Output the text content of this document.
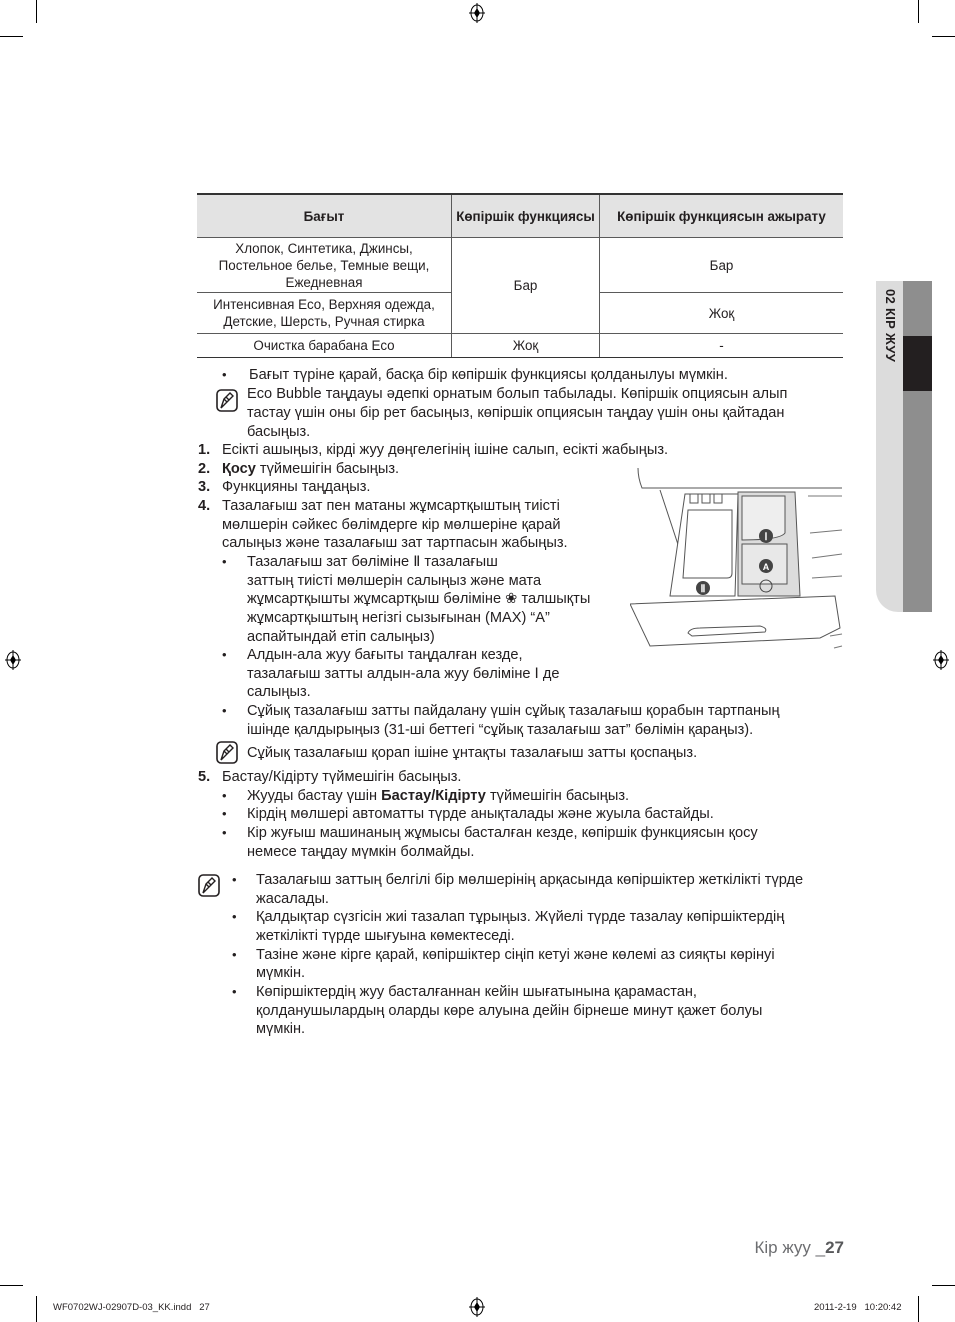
Бағыт	Көпіршік функциясы	Көпіршік функциясын ажырату
Хлопок, Синтетика, Джинсы, Постельное белье, Темные вещи, Ежедневная	Бар	Бар
Интенсивная Eco, Верхняя одежда, Детские, Шерсть, Ручная стирка		Жоқ
Очистка барабана Eco	Жоқ	-
• Бағыт түріне қарай, басқа бір көпіршік функциясы қолданылуы мүмкін.
Eco Bubble таңдауы әдепкі орнатым болып табылады. Көпіршік опциясын алып
тастау үшін оны бір рет басыңыз, көпіршік опциясын таңдау үшін оны қайтадан
басыңыз.
1. Есікті ашыңыз, кірді жуу дөңгелегінің ішіне салып, есікті жабыңыз.
2. Қосу түймешігін басыңыз.
3. Функцияны таңдаңыз.
4. Тазалағыш зат пен матаны жұмсартқыштың тиісті
мөлшерін сәйкес бөлімдерге кір мөлшеріне қарай
салыңыз және тазалағыш зат тартпасын жабыңыз.
• Тазалағыш зат бөліміне Ⅱ тазалағыш
заттың тиісті мөлшерін салыңыз және мата
жұмсартқышты жұмсартқыш бөліміне ❀ талшықты
жұмсартқыштың негізгі сызығынан (MAX) “A”
аспайтындай етіп салыңыз)
• Алдын-ала жуу бағыты таңдалған кезде,
тазалағыш затты алдын-ала жуу бөліміне Ⅰ де
салыңыз.
• Сұйық тазалағыш затты пайдалану үшін сұйық тазалағыш қорабын тартпаның
ішінде қалдырыңыз (31-ші беттегі “сұйық тазалағыш зат” бөлімін қараңыз).
Сұйық тазалағыш қорап ішіне ұнтақты тазалағыш затты қоспаңыз.
5. Бастау/Кідірту түймешігін басыңыз.
• Жууды бастау үшін Бастау/Кідірту түймешігін басыңыз.
• Кірдің мөлшері автоматты түрде анықталады және жуыла бастайды.
• Кір жуғыш машинаның жұмысы басталған кезде, көпіршік функциясын қосу
немесе таңдау мүмкін болмайды.
• Тазалағыш заттың белгілі бір мөлшерінің арқасында көпіршіктер жеткілікті түрде
жасалады.
• Қалдықтар сүзгісін жиі тазалап тұрыңыз. Жүйелі түрде тазалау көпіршіктердің
жеткілікті түрде шығуына көмектеседі.
• Тазіне және кірге қарай, көпіршіктер сіңіп кетуі және көлемі аз сияқты көрінуі
мүмкін.
• Көпіршіктердің жуу басталғаннан кейін шығатынына қарамастан,
қолданушылардың оларды көре алуына дейін бірнеше минут қажет болуы
мүмкін.
Ⅰ
A
Ⅱ
02 КІР ЖУУ
Кір жуу _27
WF0702WJ-02907D-03_KK.indd   27	2011-2-19   10:20:42
